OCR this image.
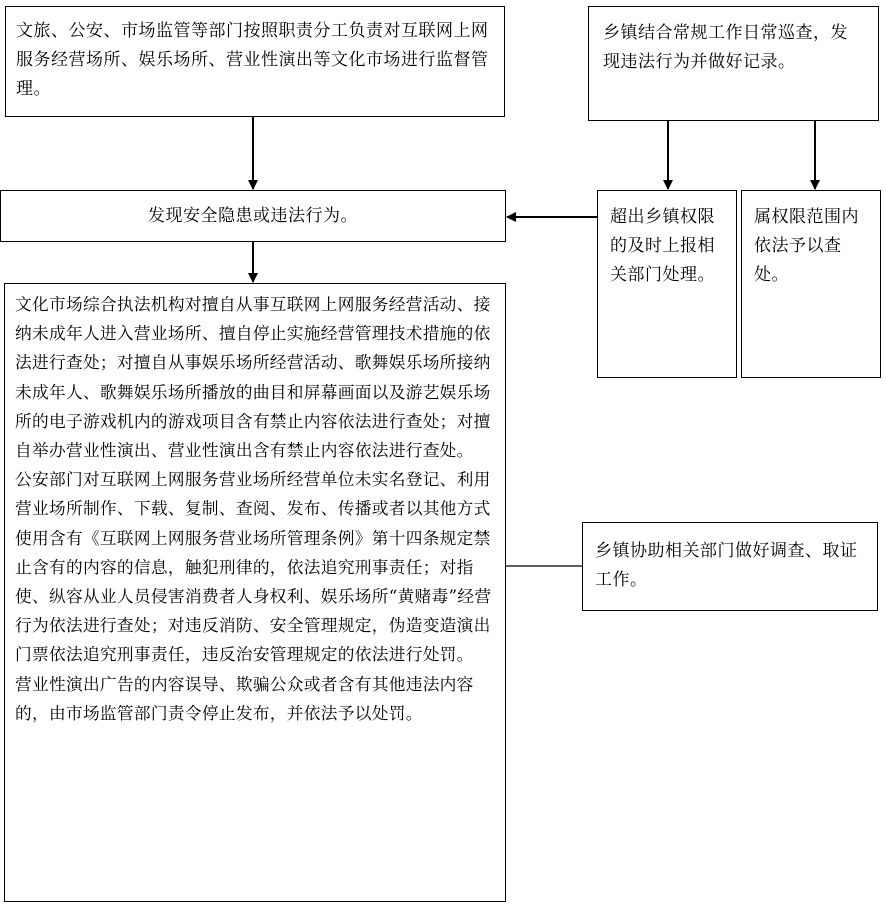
文旅、公安、市场监管等部门按照职责分工负责对互联网上网服务经营场所、娱乐场所、营业性演出等文化市场进行监督管理。
乡镇结合常规工作日常巡查，发现违法行为并做好记录。
发现安全隐患或违法行为。	超出乡镇权限的及时上报相关部门处理。
属权限范围内依法予以查处。

文化市场综合执法机构对擅自从事互联网上网服务经营活动、接纳未成年人进入营业场所、擅自停止实施经营管理技术措施的依法进行查处；对擅自从事娱乐场所经营活动、歌舞娱乐场所接纳未成年人、歌舞娱乐场所播放的曲目和屏幕画面以及游艺娱乐场所的电子游戏机内的游戏项目含有禁止内容依法进行查处；对擅自举办营业性演出、营业性演出含有禁止内容依法进行查处。

公安部门对互联网上网服务营业场所经营单位未实名登记、利用营业场所制作、下载、复制、查阅、发布、传播或者以其他方式使用含有《互联网上网服务营业场所管理条例》第十四条规定禁止含有的内容的信息，触犯刑律的，依法追究刑事责任；对指使、纵容从业人员侵害消费者人身权利、娱乐场所“黄赌毒”经营行为依法进行查处；对违反消防、安全管理规定，伪造变造演出门票依法追究刑事责任，违反治安管理规定的依法进行处罚。

营业性演出广告的内容误导、欺骗公众或者含有其他违法内容的，由市场监管部门责令停止发布，并依法予以处罚。

乡镇协助相关部门做好调查、取证工作。
